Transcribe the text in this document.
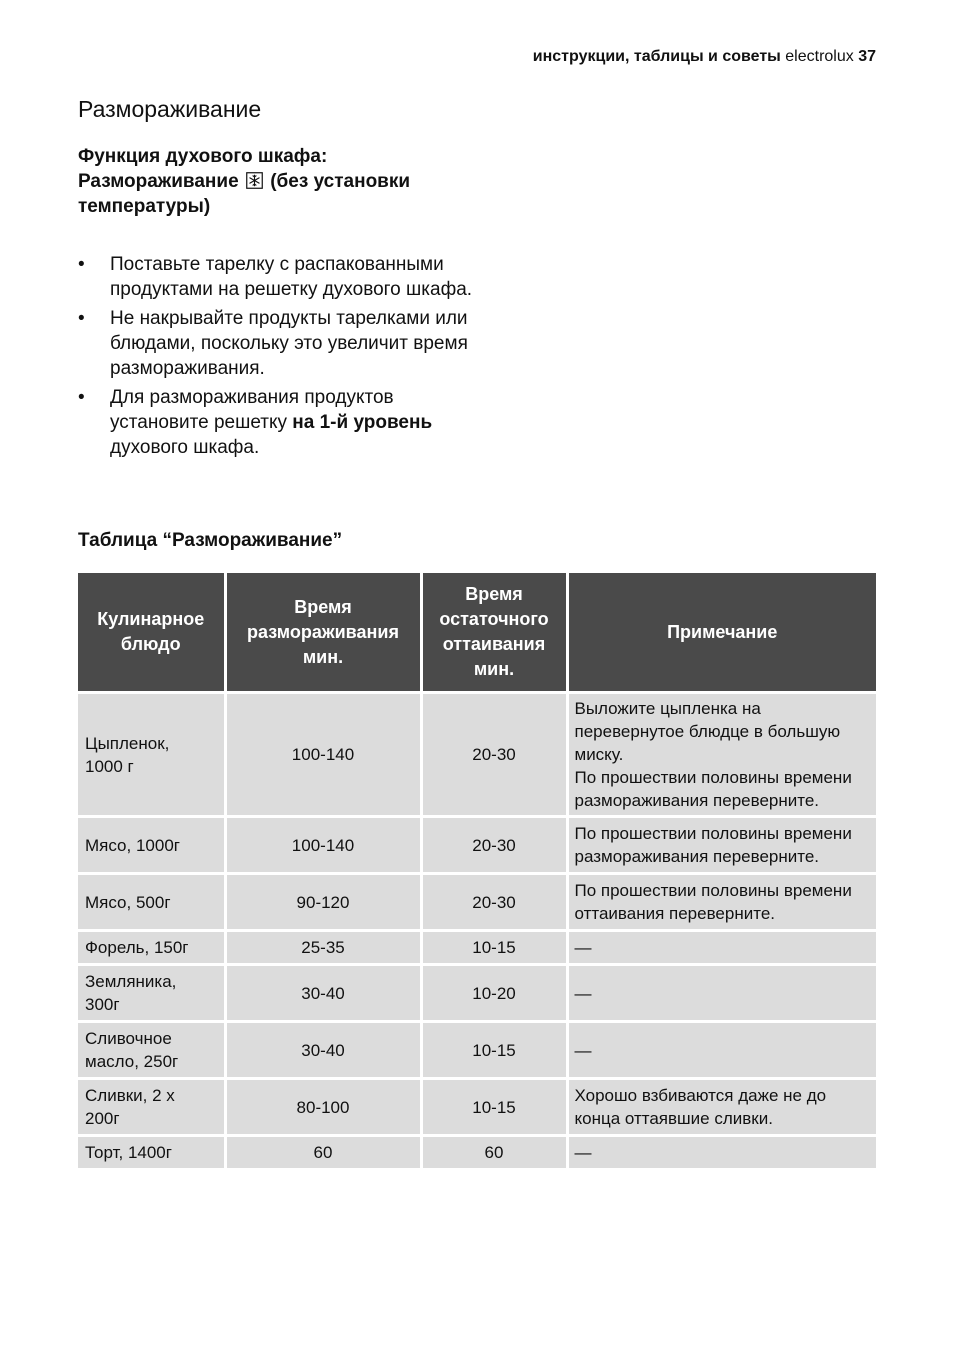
инструкции, таблицы и советы electrolux 37
Размораживание
Функция духового шкафа: Размораживание (без установки температуры)
• Поставьте тарелку с распакованными продуктами на решетку духового шкафа.
• Не накрывайте продукты тарелками или блюдами, поскольку это увеличит время размораживания.
• Для размораживания продуктов установите решетку на 1-й уровень духового шкафа.
Таблица “Размораживание”
Кулинарное
блюдо	Время
размораживания
мин.	Время
остаточного
оттаивания
мин.	Примечание

Цыпленок,
1000 г	100-140	20-30	Выложите цыпленка на перевернутое блюдце в большую миску.
По прошествии половины времени размораживания переверните.

Мясо, 1000г	100-140	20-30	По прошествии половины времени размораживания переверните.

Мясо, 500г	90-120	20-30	По прошествии половины времени оттаивания переверните.

Форель, 150г	25-35	10-15	—

Земляника,
300г	30-40	10-20	—

Сливочное
масло, 250г	30-40	10-15	—

Сливки, 2 x
200г	80-100	10-15	Хорошо взбиваются даже не до конца оттаявшие сливки.

Торт, 1400г	60	60	—
